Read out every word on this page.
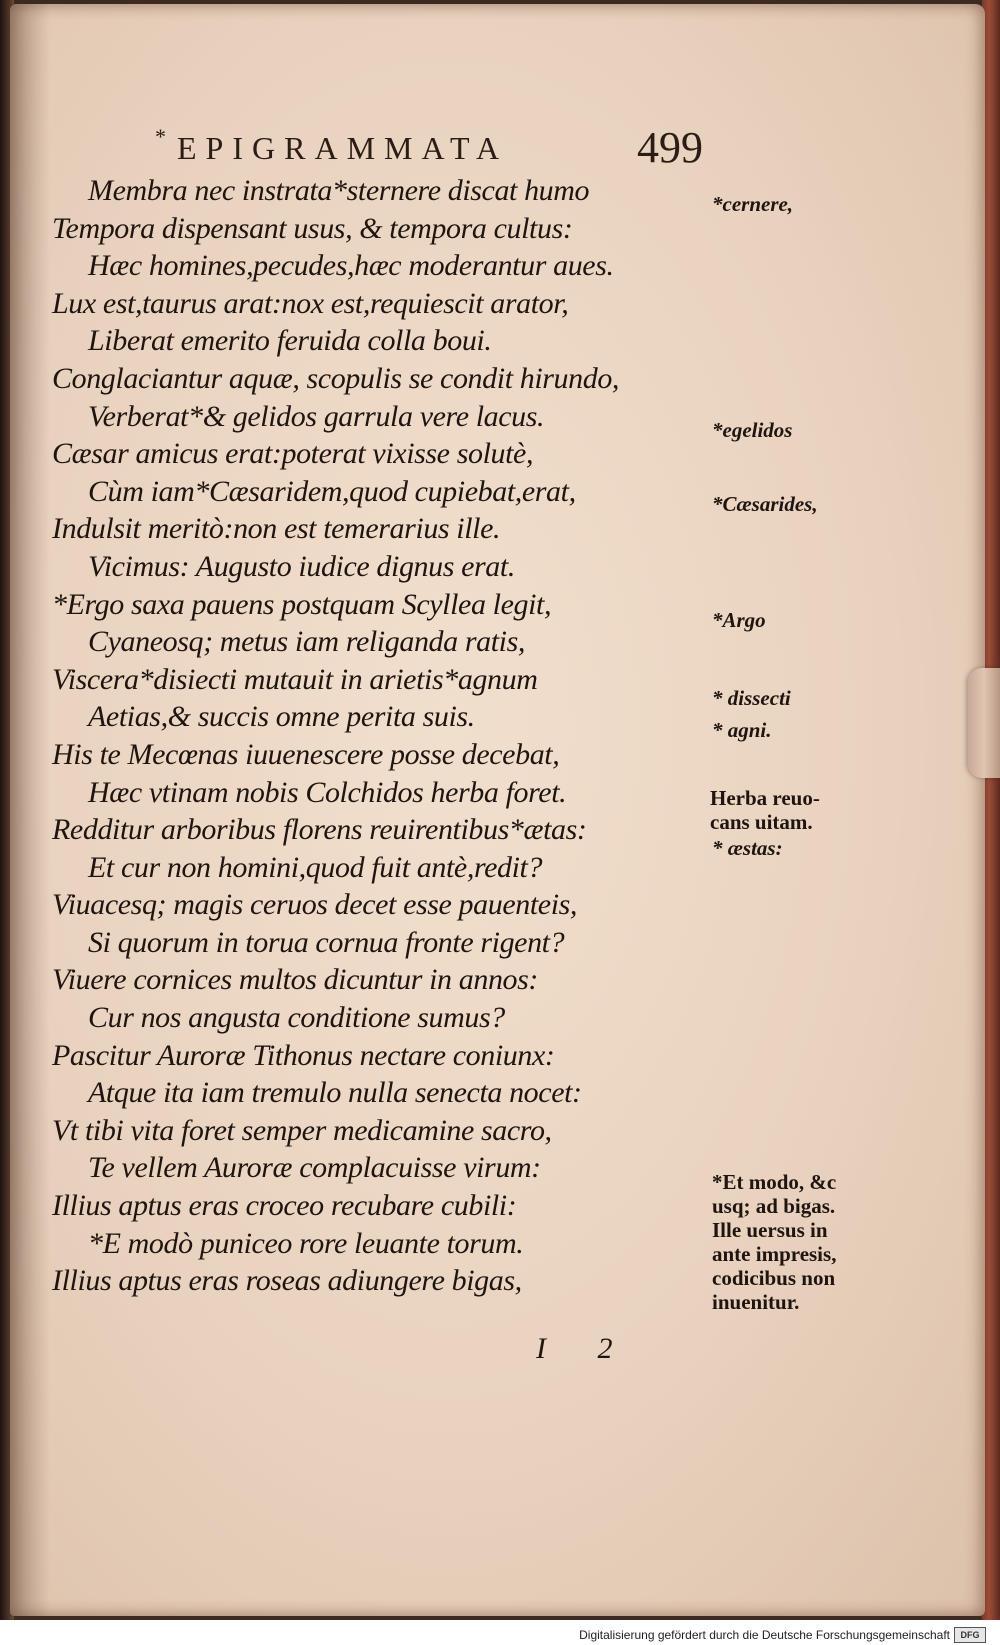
* EPIGRAMMATA	499
Membra nec instrata*sternere discat humo
Tempora dispensant usus, & tempora cultus:
Hæc homines,pecudes,hæc moderantur aues.
Lux est,taurus arat:nox est,requiescit arator,
Liberat emerito feruida colla boui.
Conglaciantur aquæ, scopulis se condit hirundo,
Verberat*& gelidos garrula vere lacus.
Cæsar amicus erat:poterat vixisse solutè,
Cùm iam*Cæsaridem,quod cupiebat,erat,
Indulsit meritò:non est temerarius ille.
Vicimus: Augusto iudice dignus erat.
*Ergo saxa pauens postquam Scyllea legit,
Cyaneosq; metus iam religanda ratis,
Viscera*disiecti mutauit in arietis*agnum
Aetias,& succis omne perita suis.
His te Mecœnas iuuenescere posse decebat,
Hæc vtinam nobis Colchidos herba foret.
Redditur arboribus florens reuirentibus*ætas:
Et cur non homini,quod fuit antè,redit?
Viuacesq; magis ceruos decet esse pauenteis,
Si quorum in torua cornua fronte rigent?
Viuere cornices multos dicuntur in annos:
Cur nos angusta conditione sumus?
Pascitur Auroræ Tithonus nectare coniunx:
Atque ita iam tremulo nulla senecta nocet:
Vt tibi vita foret semper medicamine sacro,
Te vellem Auroræ complacuisse virum:
Illius aptus eras croceo recubare cubili:
*E modò puniceo rore leuante torum.
Illius aptus eras roseas adiungere bigas,
I 2
*cernere,
*egelidos
*Cæsarides,
*Argo
* dissecti
* agni.
Herba reuo-
cans uitam.
* æstas:
*Et modo, &c
usq; ad bigas.
Ille uersus in
ante impresis,
codicibus non
inuenitur.
Digitalisierung gefördert durch die Deutsche Forschungsgemeinschaft	DFG
